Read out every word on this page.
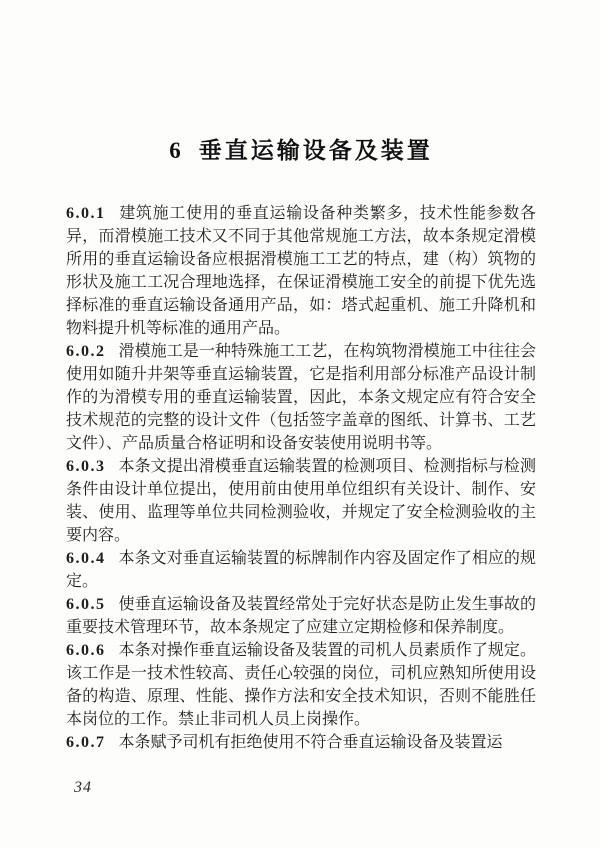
6 垂直运输设备及装置

6.0.1 建筑施工使用的垂直运输设备种类繁多，技术性能参数各异，而滑模施工技术又不同于其他常规施工方法，故本条规定滑模所用的垂直运输设备应根据滑模施工工艺的特点，建（构）筑物的形状及施工工况合理地选择，在保证滑模施工安全的前提下优先选择标准的垂直运输设备通用产品，如：塔式起重机、施工升降机和物料提升机等标准的通用产品。

6.0.2 滑模施工是一种特殊施工工艺，在构筑物滑模施工中往往会使用如随升井架等垂直运输装置，它是指利用部分标准产品设计制作的为滑模专用的垂直运输装置，因此，本条文规定应有符合安全技术规范的完整的设计文件（包括签字盖章的图纸、计算书、工艺文件）、产品质量合格证明和设备安装使用说明书等。

6.0.3 本条文提出滑模垂直运输装置的检测项目、检测指标与检测条件由设计单位提出，使用前由使用单位组织有关设计、制作、安装、使用、监理等单位共同检测验收，并规定了安全检测验收的主要内容。

6.0.4 本条文对垂直运输装置的标牌制作内容及固定作了相应的规定。

6.0.5 使垂直运输设备及装置经常处于完好状态是防止发生事故的重要技术管理环节，故本条规定了应建立定期检修和保养制度。

6.0.6 本条对操作垂直运输设备及装置的司机人员素质作了规定。该工作是一技术性较高、责任心较强的岗位，司机应熟知所使用设备的构造、原理、性能、操作方法和安全技术知识，否则不能胜任本岗位的工作。禁止非司机人员上岗操作。

6.0.7 本条赋予司机有拒绝使用不符合垂直运输设备及装置运

34
